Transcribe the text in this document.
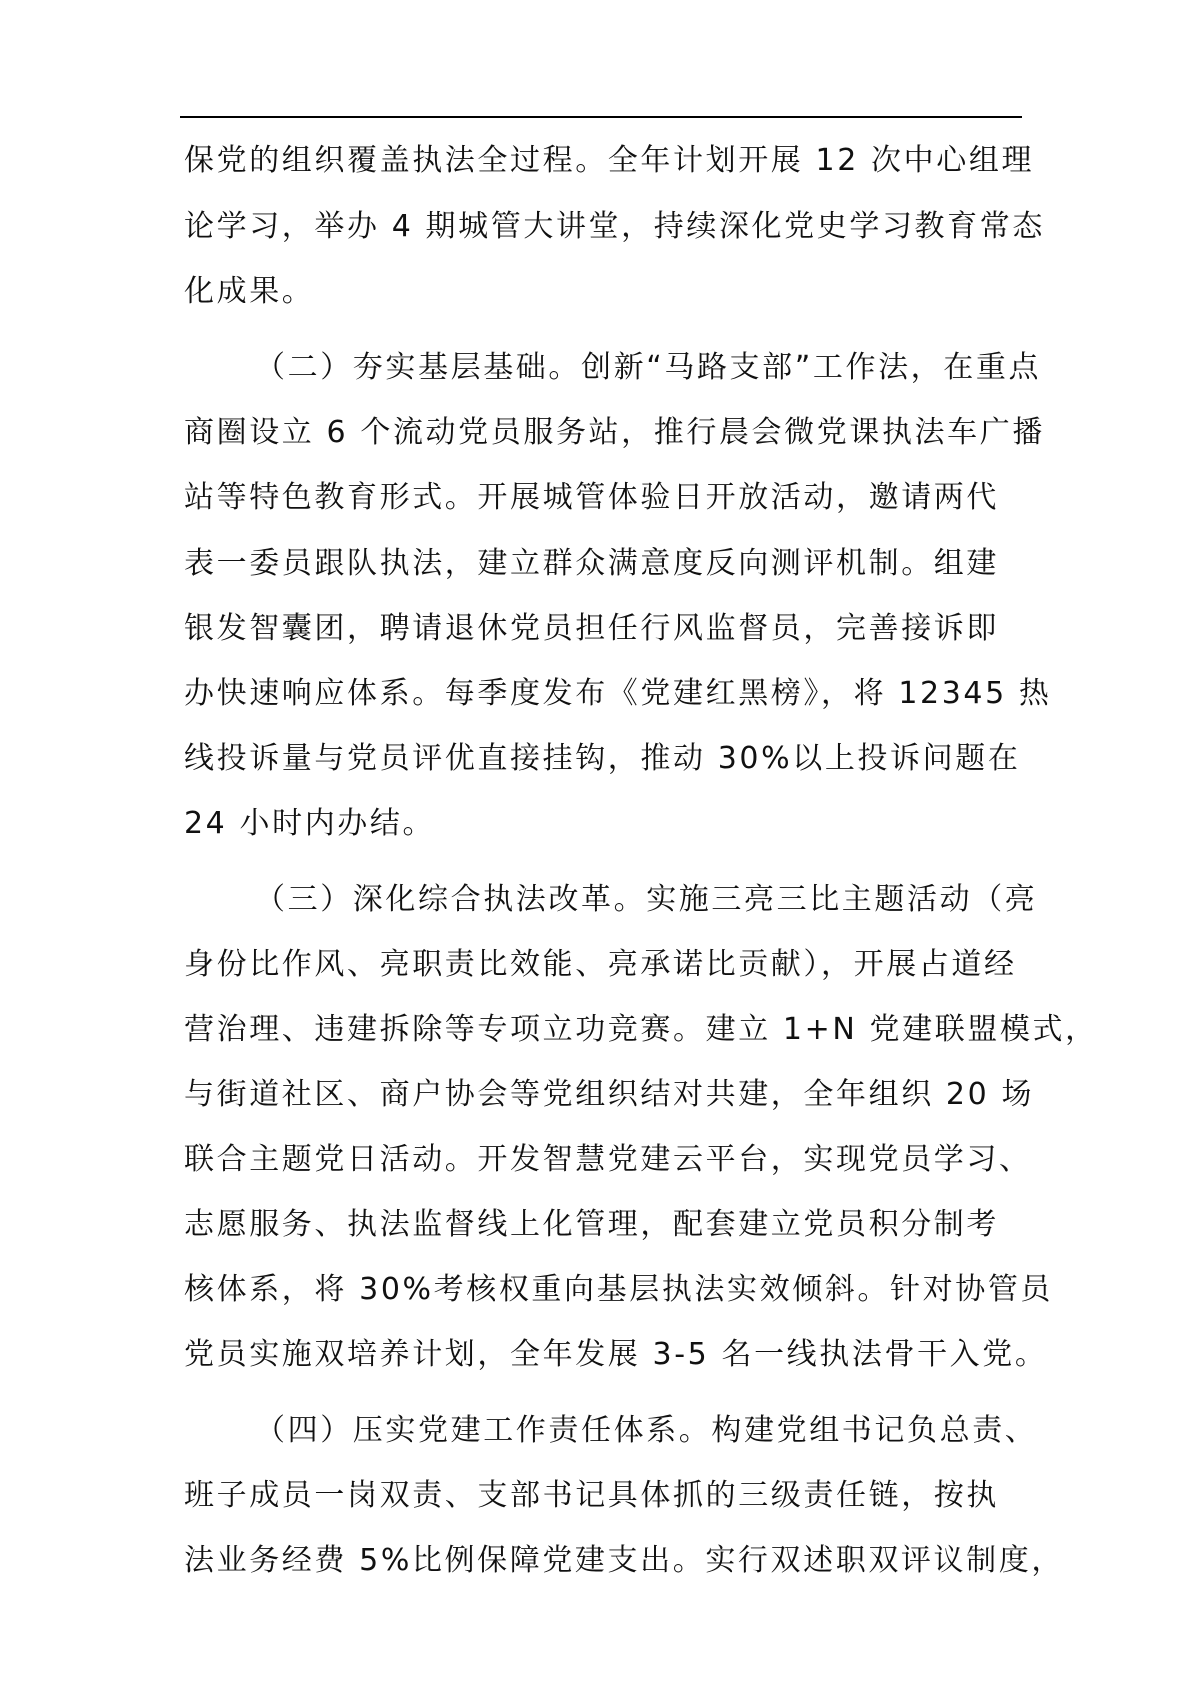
保党的组织覆盖执法全过程。全年计划开展 12 次中心组理
论学习，举办 4 期城管大讲堂，持续深化党史学习教育常态
化成果。
（二）夯实基层基础。创新“马路支部”工作法，在重点
商圈设立 6 个流动党员服务站，推行晨会微党课执法车广播
站等特色教育形式。开展城管体验日开放活动，邀请两代
表一委员跟队执法，建立群众满意度反向测评机制。组建
银发智囊团，聘请退休党员担任行风监督员，完善接诉即
办快速响应体系。每季度发布《党建红黑榜》，将 12345 热
线投诉量与党员评优直接挂钩，推动 30%以上投诉问题在
24 小时内办结。
（三）深化综合执法改革。实施三亮三比主题活动（亮
身份比作风、亮职责比效能、亮承诺比贡献），开展占道经
营治理、违建拆除等专项立功竞赛。建立 1+N 党建联盟模式，
与街道社区、商户协会等党组织结对共建，全年组织 20 场
联合主题党日活动。开发智慧党建云平台，实现党员学习、
志愿服务、执法监督线上化管理，配套建立党员积分制考
核体系，将 30%考核权重向基层执法实效倾斜。针对协管员
党员实施双培养计划，全年发展 3-5 名一线执法骨干入党。
（四）压实党建工作责任体系。构建党组书记负总责、
班子成员一岗双责、支部书记具体抓的三级责任链，按执
法业务经费 5%比例保障党建支出。实行双述职双评议制度，
